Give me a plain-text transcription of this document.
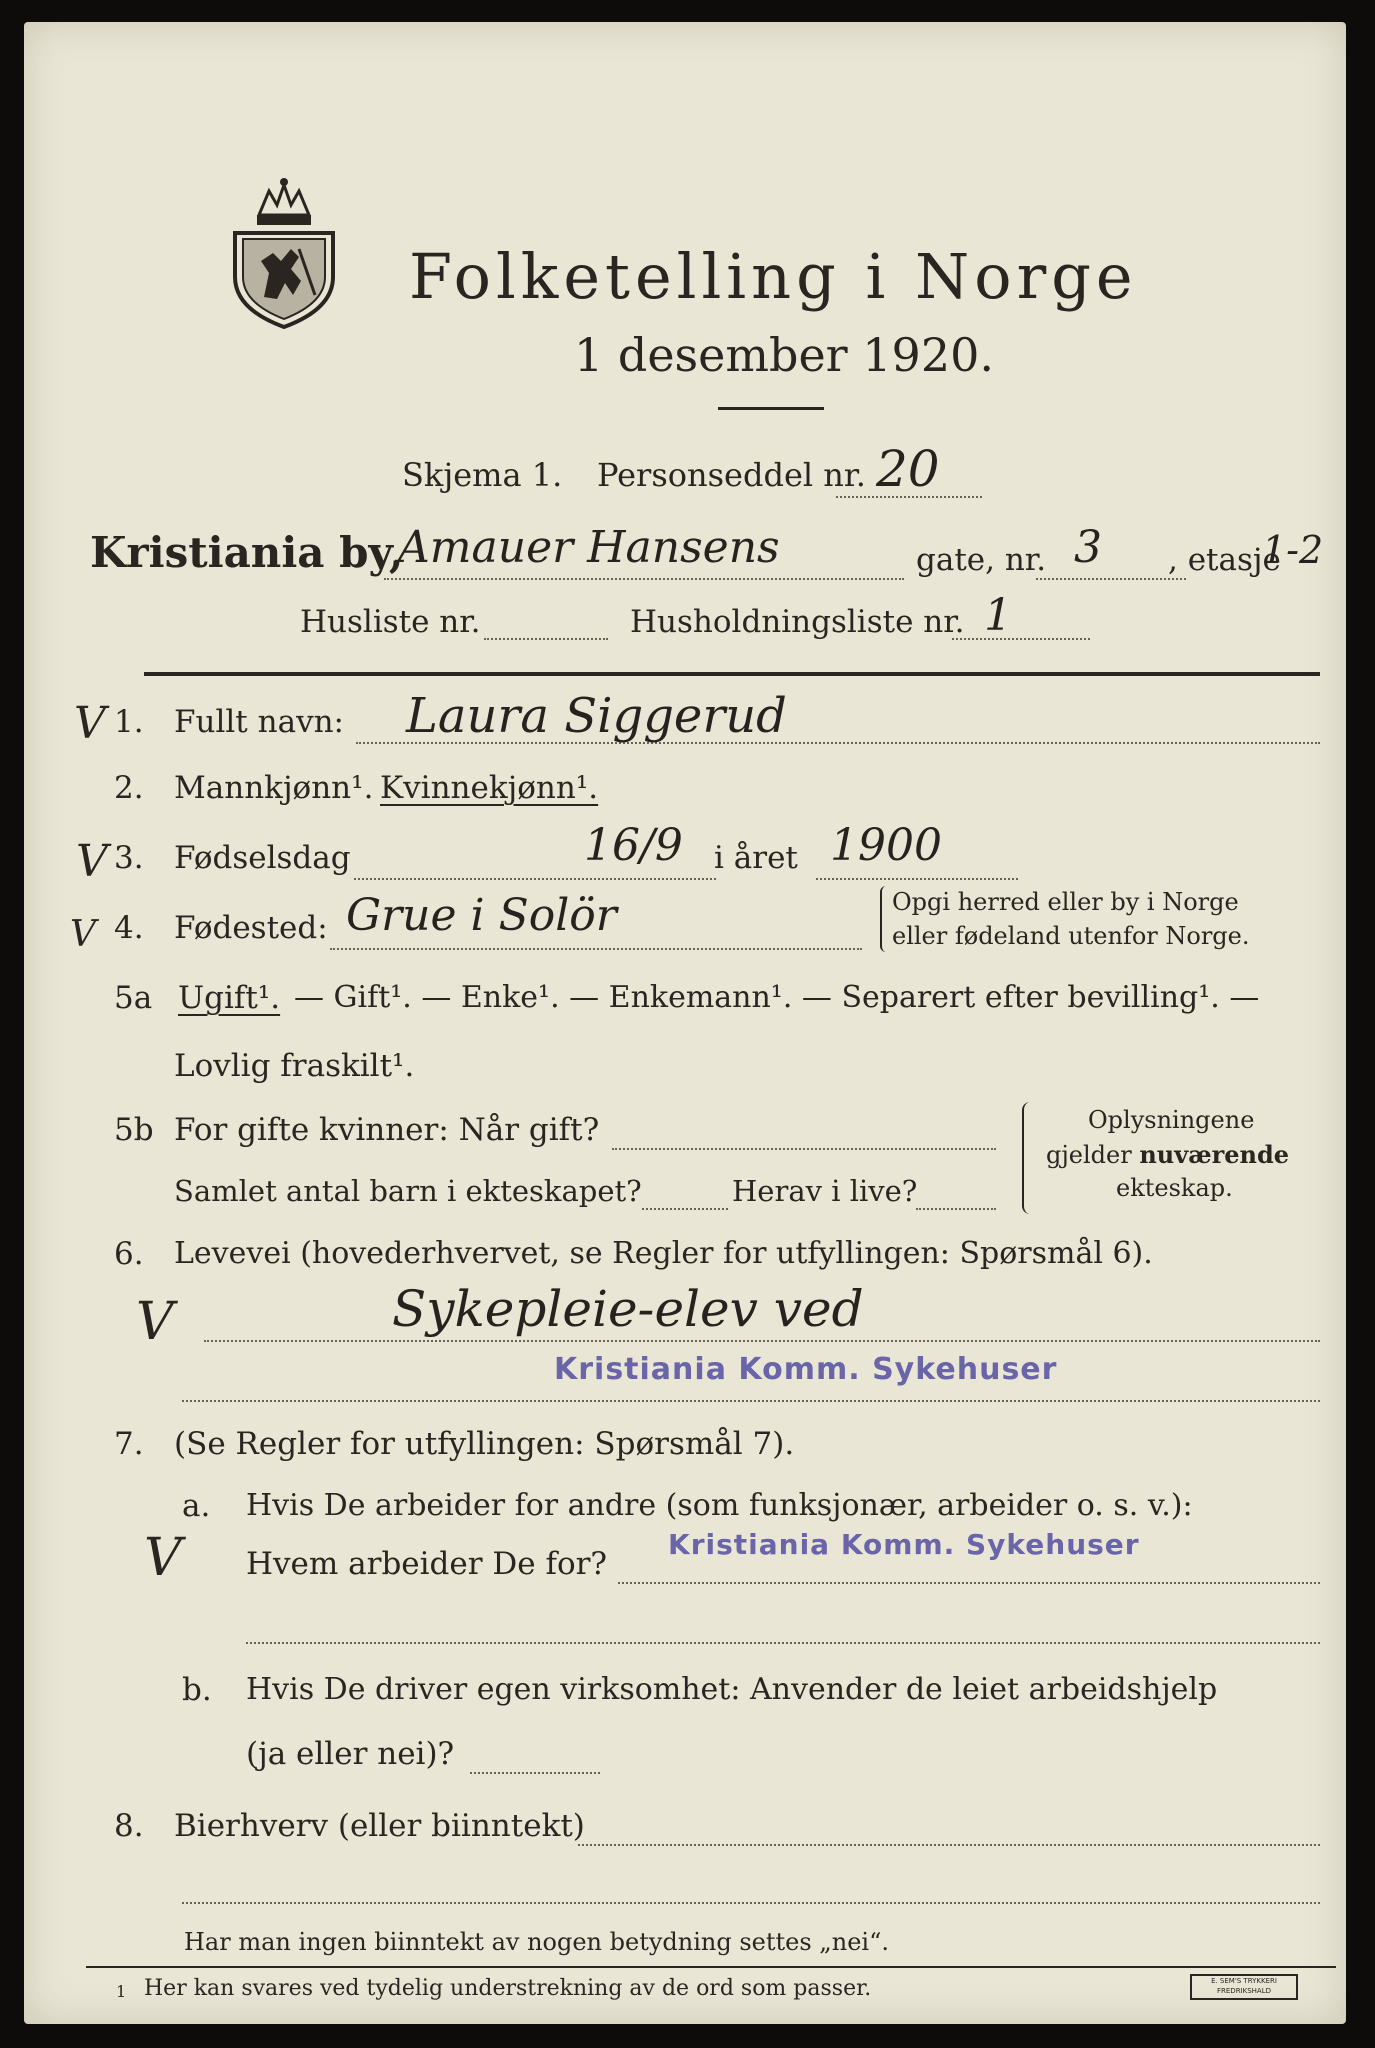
Folketelling i Norge
1 desember 1920.
Skjema 1. Personseddel nr. 20
Kristiania by,
Amauer Hansens	gate, nr. 3 , etasje
1-2
Husliste nr.	Husholdningsliste nr. 1
V 1. Fullt navn: Laura Siggerud
2. Mannkjønn¹. Kvinnekjønn¹.
V 3. Fødselsdag	16/9 i året 1900
V 4. Fødested: Grue i Solör	Opgi herred eller by i Norge
eller fødeland utenfor Norge.
5a Ugift¹. — Gift¹. — Enke¹. — Enkemann¹. — Separert efter bevilling¹. —
Lovlig fraskilt¹.
5b For gifte kvinner: Når gift?
Samlet antal barn i ekteskapet?	Herav i live?
Oplysningene
gjelder nuværende
ekteskap.
6. Levevei (hovederhvervet, se Regler for utfyllingen: Spørsmål 6).
V	Sykepleie-elev ved
Kristiania Komm. Sykehuser
7. (Se Regler for utfyllingen: Spørsmål 7).
a. Hvis De arbeider for andre (som funksjonær, arbeider o. s. v.):
V Hvem arbeider De for?
Kristiania Komm. Sykehuser
b. Hvis De driver egen virksomhet: Anvender de leiet arbeidshjelp
(ja eller nei)?
8. Bierhverv (eller biinntekt)
Har man ingen biinntekt av nogen betydning settes „nei“.
1 Her kan svares ved tydelig understrekning av de ord som passer.	E. SEM'S TRYKKERI FREDRIKSHALD
